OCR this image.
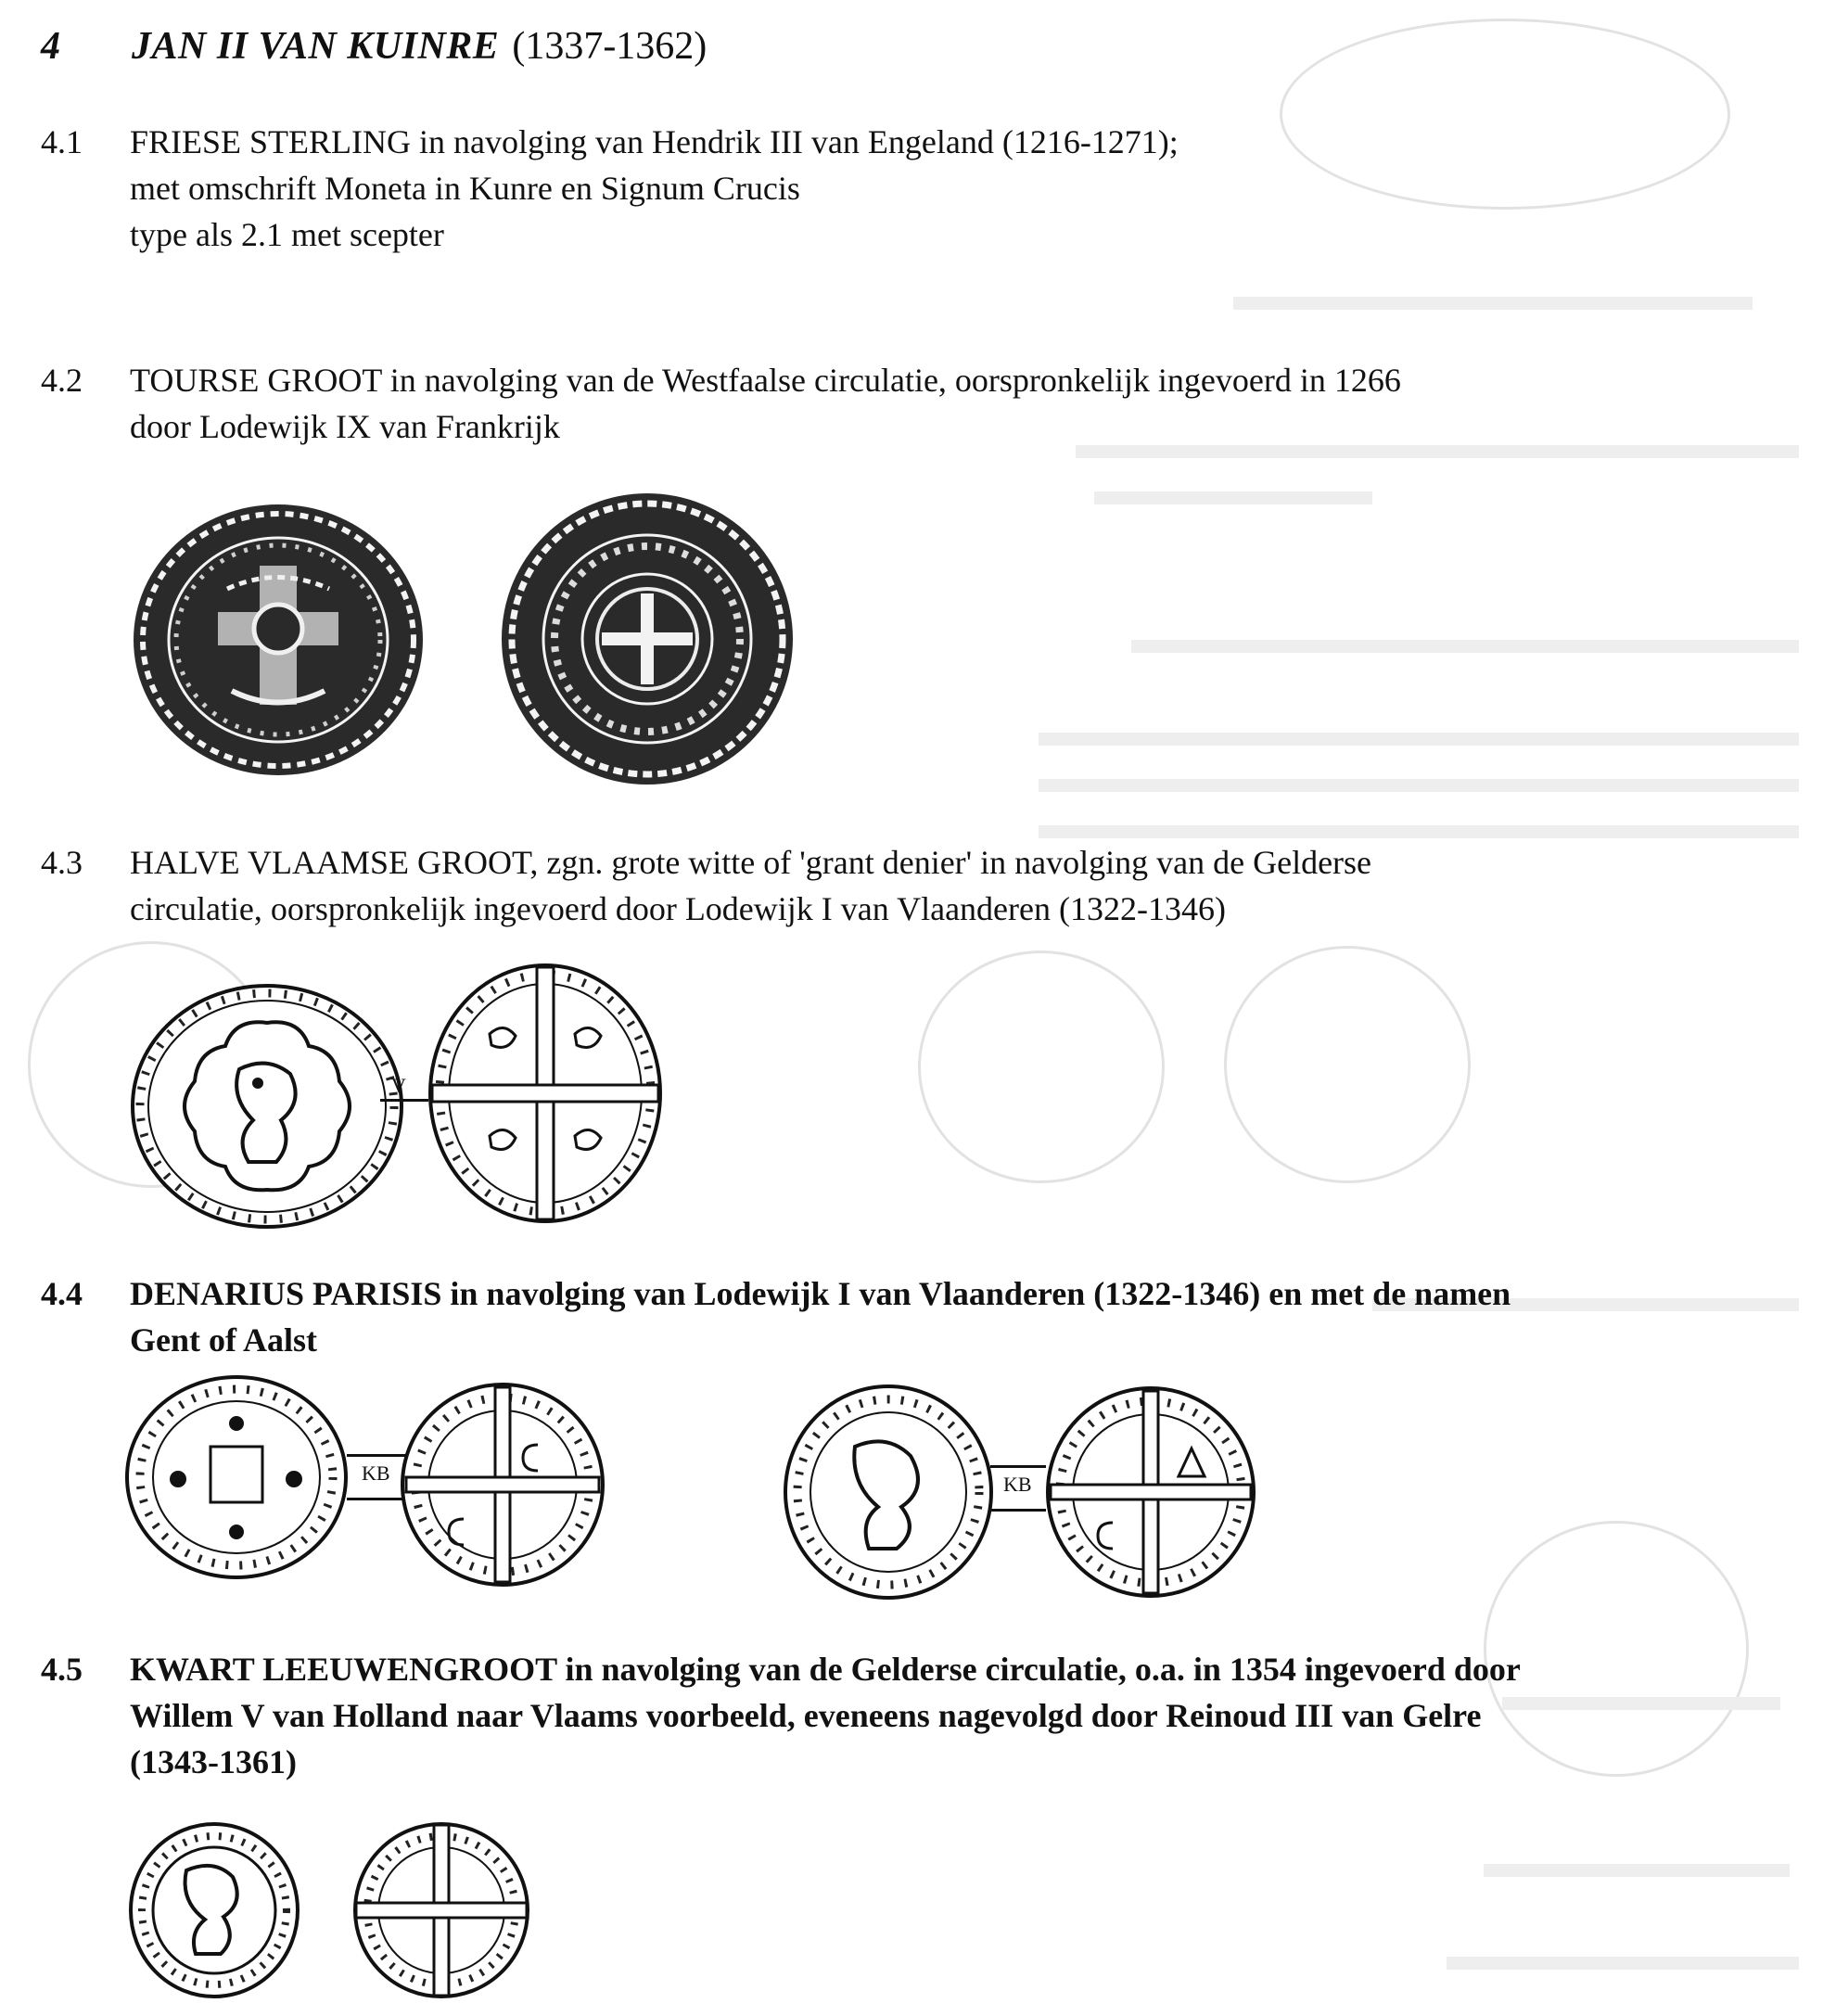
4 JAN II VAN KUINRE (1337-1362)
4.1 FRIESE STERLING in navolging van Hendrik III van Engeland (1216-1271);
met omschrift Moneta in Kunre en Signum Crucis
type als 2.1 met scepter
4.2 TOURSE GROOT in navolging van de Westfaalse circulatie, oorspronkelijk ingevoerd in 1266
door Lodewijk IX van Frankrijk
4.3 HALVE VLAAMSE GROOT, zgn. grote witte of 'grant denier' in navolging van de Gelderse
circulatie, oorspronkelijk ingevoerd door Lodewijk I van Vlaanderen (1322-1346)
V
4.4 DENARIUS PARISIS in navolging van Lodewijk I van Vlaanderen (1322-1346) en met de namen
Gent of Aalst
KB	KB
4.5 KWART LEEUWENGROOT in navolging van de Gelderse circulatie, o.a. in 1354 ingevoerd door
Willem V van Holland naar Vlaams voorbeeld, eveneens nagevolgd door Reinoud III van Gelre
(1343-1361)
